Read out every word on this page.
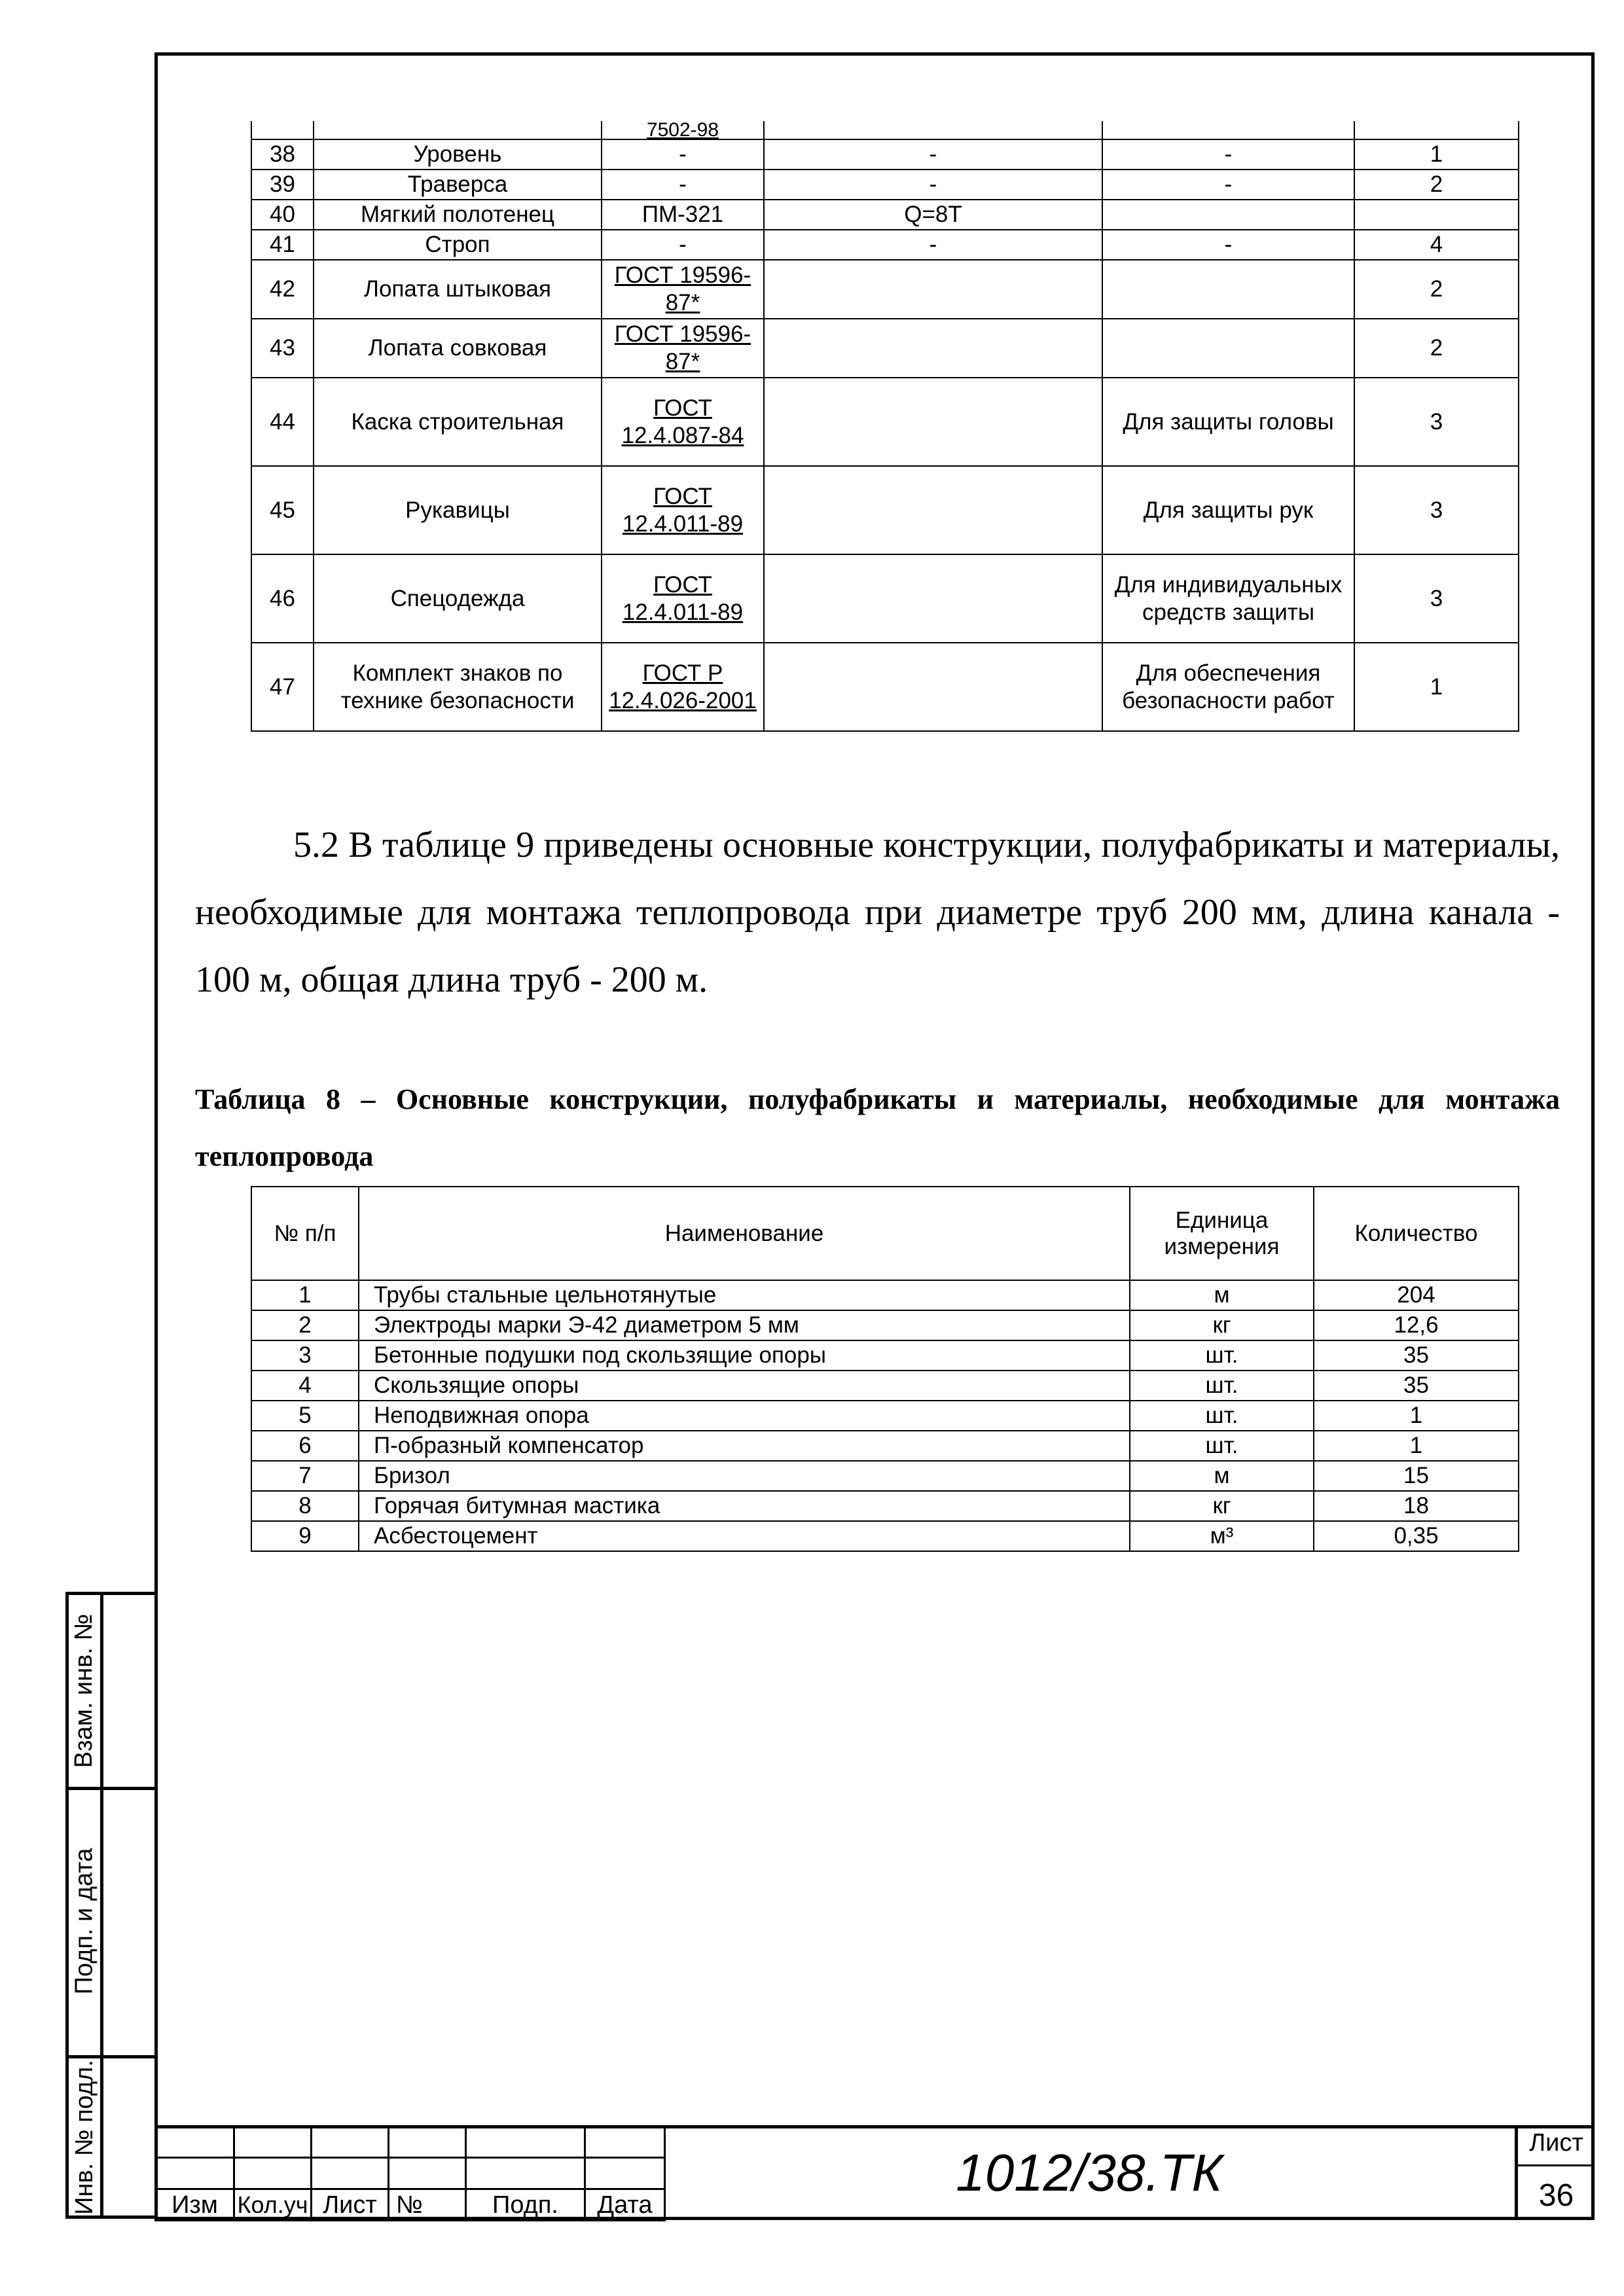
		7502-98			
38	Уровень	-	-	-	1
39	Траверса	-	-	-	2
40	Мягкий полотенец	ПМ-321	Q=8T		
41	Строп	-	-	-	4
42	Лопата штыковая	ГОСТ 19596-87*			2
43	Лопата совковая	ГОСТ 19596-87*			2
44	Каска строительная	ГОСТ 12.4.087-84		Для защиты головы	3
45	Рукавицы	ГОСТ 12.4.011-89		Для защиты рук	3
46	Спецодежда	ГОСТ 12.4.011-89		Для индивидуальных средств защиты	3
47	Комплект знаков по технике безопасности	ГОСТ Р 12.4.026-2001		Для обеспечения безопасности работ	1

5.2 В таблице 9 приведены основные конструкции, полуфабрикаты и материалы, необходимые для монтажа теплопровода при диаметре труб 200 мм, длина канала - 100 м, общая длина труб - 200 м.

Таблица 8 – Основные конструкции, полуфабрикаты и материалы, необходимые для монтажа теплопровода

№ п/п	Наименование	Единица измерения	Количество
1	Трубы стальные цельнотянутые	м	204
2	Электроды марки Э-42 диаметром 5 мм	кг	12,6
3	Бетонные подушки под скользящие опоры	шт.	35
4	Скользящие опоры	шт.	35
5	Неподвижная опора	шт.	1
6	П-образный компенсатор	шт.	1
7	Бризол	м	15
8	Горячая битумная мастика	кг	18
9	Асбестоцемент	м³	0,35
Взам. инв. №
Подп. и дата
Инв. № подл.

						Изм	Кол.уч	Лист	№	Подп.	Дата
1012/38.ТК
Лист
36
